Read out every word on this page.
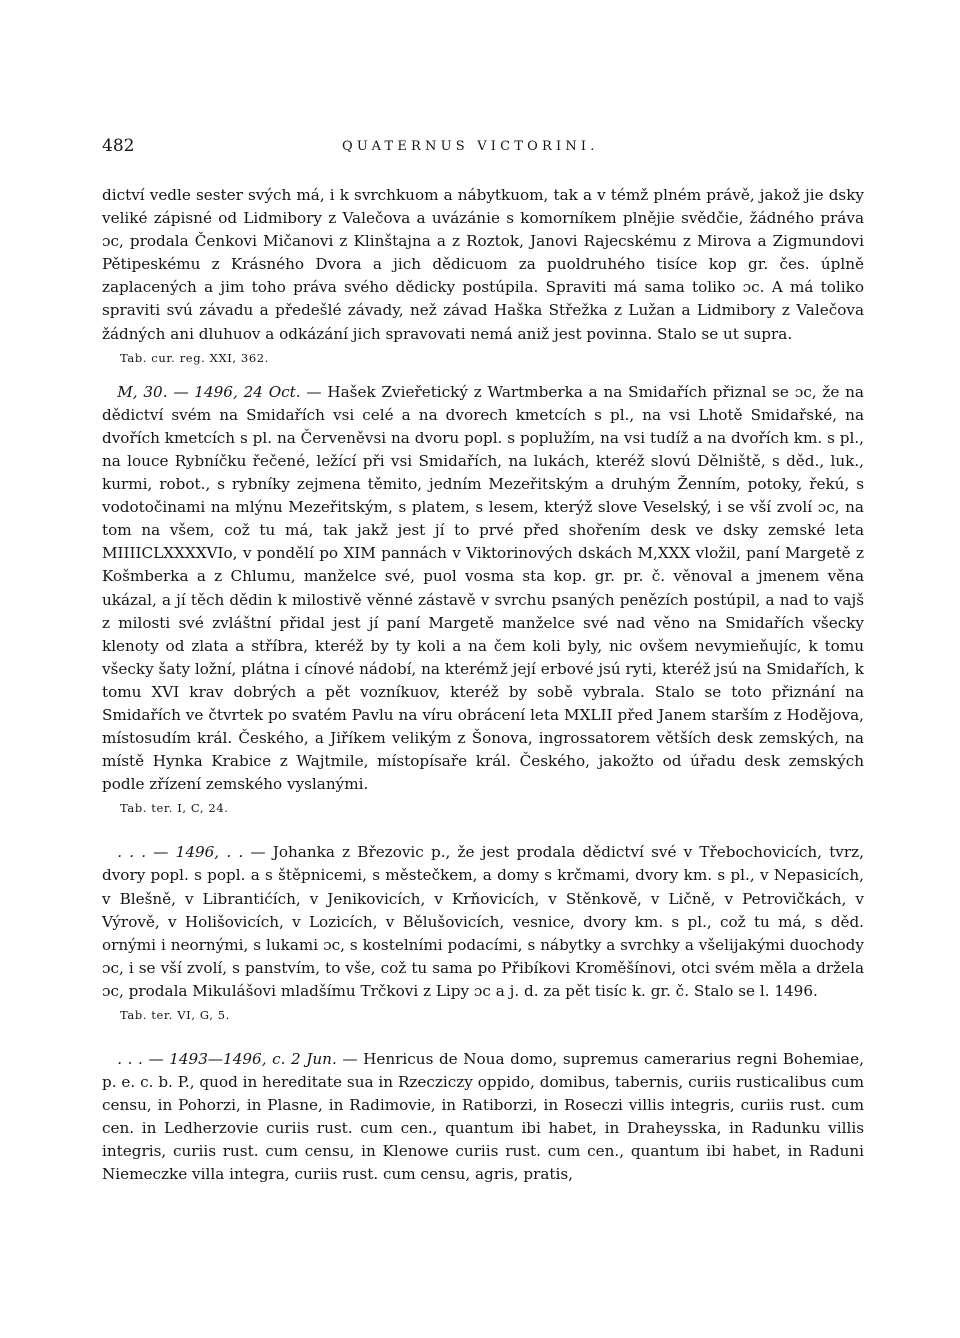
482	QUATERNUS VICTORINI.

dictví vedle sester svých má, i k svrchkuom a nábytkuom, tak a v témž plném právě, jakož jie dsky veliké zápisné od Lidmibory z Valečova a uvázánie s komorníkem plnějie svědčie, žádného práva ɔc, prodala Čenkovi Mičanovi z Klinštajna a z Roztok, Janovi Rajecskému z Mirova a Zigmundovi Pětipeskému z Krásného Dvora a jich dědicuom za puoldruhého tisíce kop gr. čes. úplně zaplacených a jim toho práva svého dědicky postúpila. Spraviti má sama toliko ɔc. A má toliko spraviti svú závadu a předešlé závady, než závad Haška Střežka z Lužan a Lidmibory z Valečova žádných ani dluhuov a odkázání jich spravovati nemá aniž jest povinna. Stalo se ut supra.

Tab. cur. reg. XXI, 362.

 M, 30. — 1496, 24 Oct. — Hašek Zvieřetický z Wartmberka a na Smidařích přiznal se ɔc, že na dědictví svém na Smidařích vsi celé a na dvorech kmetcích s pl., na vsi Lhotě Smidařské, na dvořích kmetcích s pl. na Červeněvsi na dvoru popl. s poplužím, na vsi tudíž a na dvořích km. s pl., na louce Rybníčku řečené, ležící při vsi Smidařích, na lukách, kteréž slovú Dělniště, s děd., luk., kurmi, robot., s rybníky zejmena těmito, jedním Mezeřitským a druhým Ženním, potoky, řekú, s vodotočinami na mlýnu Mezeřitským, s platem, s lesem, kterýž slove Veselský, i se vší zvolí ɔc, na tom na všem, což tu má, tak jakž jest jí to prvé před shořením desk ve dsky zemské leta MIIIICLXXXXVIo, v pondělí po XIM pannách v Viktorinových dskách M,XXX vložil, paní Margetě z Košmberka a z Chlumu, manželce své, puol vosma sta kop. gr. pr. č. věnoval a jmenem věna ukázal, a jí těch dědin k milostivě věnné zástavě v svrchu psaných penězích postúpil, a nad to vajš z milosti své zvláštní přidal jest jí paní Margetě manželce své nad věno na Smidařích všecky klenoty od zlata a stříbra, kteréž by ty koli a na čem koli byly, nic ovšem nevymieňujíc, k tomu všecky šaty ložní, plátna i cínové nádobí, na kterémž její erbové jsú ryti, kteréž jsú na Smidařích, k tomu XVI krav dobrých a pět vozníkuov, kteréž by sobě vybrala. Stalo se toto přiznání na Smidařích ve čtvrtek po svatém Pavlu na víru obrácení leta MXLII před Janem starším z Hodějova, místosudím král. Českého, a Jiříkem velikým z Šonova, ingrossatorem větších desk zemských, na místě Hynka Krabice z Wajtmile, místopísaře král. Českého, jakožto od úřadu desk zemských podle zřízení zemského vyslanými.

Tab. ter. I, C, 24.

 . . . — 1496, . . — Johanka z Březovic p., že jest prodala dědictví své v Třebochovicích, tvrz, dvory popl. s popl. a s štěpnicemi, s městečkem, a domy s krčmami, dvory km. s pl., v Nepasicích, v Blešně, v Librantićích, v Jenikovicích, v Krňovicích, v Stěnkově, v Ličně, v Petrovičkách, v Výrově, v Holišovicích, v Lozicích, v Bělušovicích, vesnice, dvory km. s pl., což tu má, s děd. ornými i neornými, s lukami ɔc, s kostelními podacími, s nábytky a svrchky a všelijakými duochody ɔc, i se vší zvolí, s panstvím, to vše, což tu sama po Přibíkovi Kroměšínovi, otci svém měla a držela ɔc, prodala Mikulášovi mladšímu Trčkovi z Lipy ɔc a j. d. za pět tisíc k. gr. č. Stalo se l. 1496.

Tab. ter. VI, G, 5.

 . . . — 1493—1496, c. 2 Jun. — Henricus de Noua domo, supremus camerarius regni Bohemiae, p. e. c. b. P., quod in hereditate sua in Rzecziczy oppido, domibus, tabernis, curiis rusticalibus cum censu, in Pohorzi, in Plasne, in Radimovie, in Ratiborzi, in Roseczi villis integris, curiis rust. cum cen. in Ledherzovie curiis rust. cum cen., quantum ibi habet, in Draheysska, in Radunku villis integris, curiis rust. cum censu, in Klenowe curiis rust. cum cen., quantum ibi habet, in Raduni Niemeczke villa integra, curiis rust. cum censu, agris, pratis,
